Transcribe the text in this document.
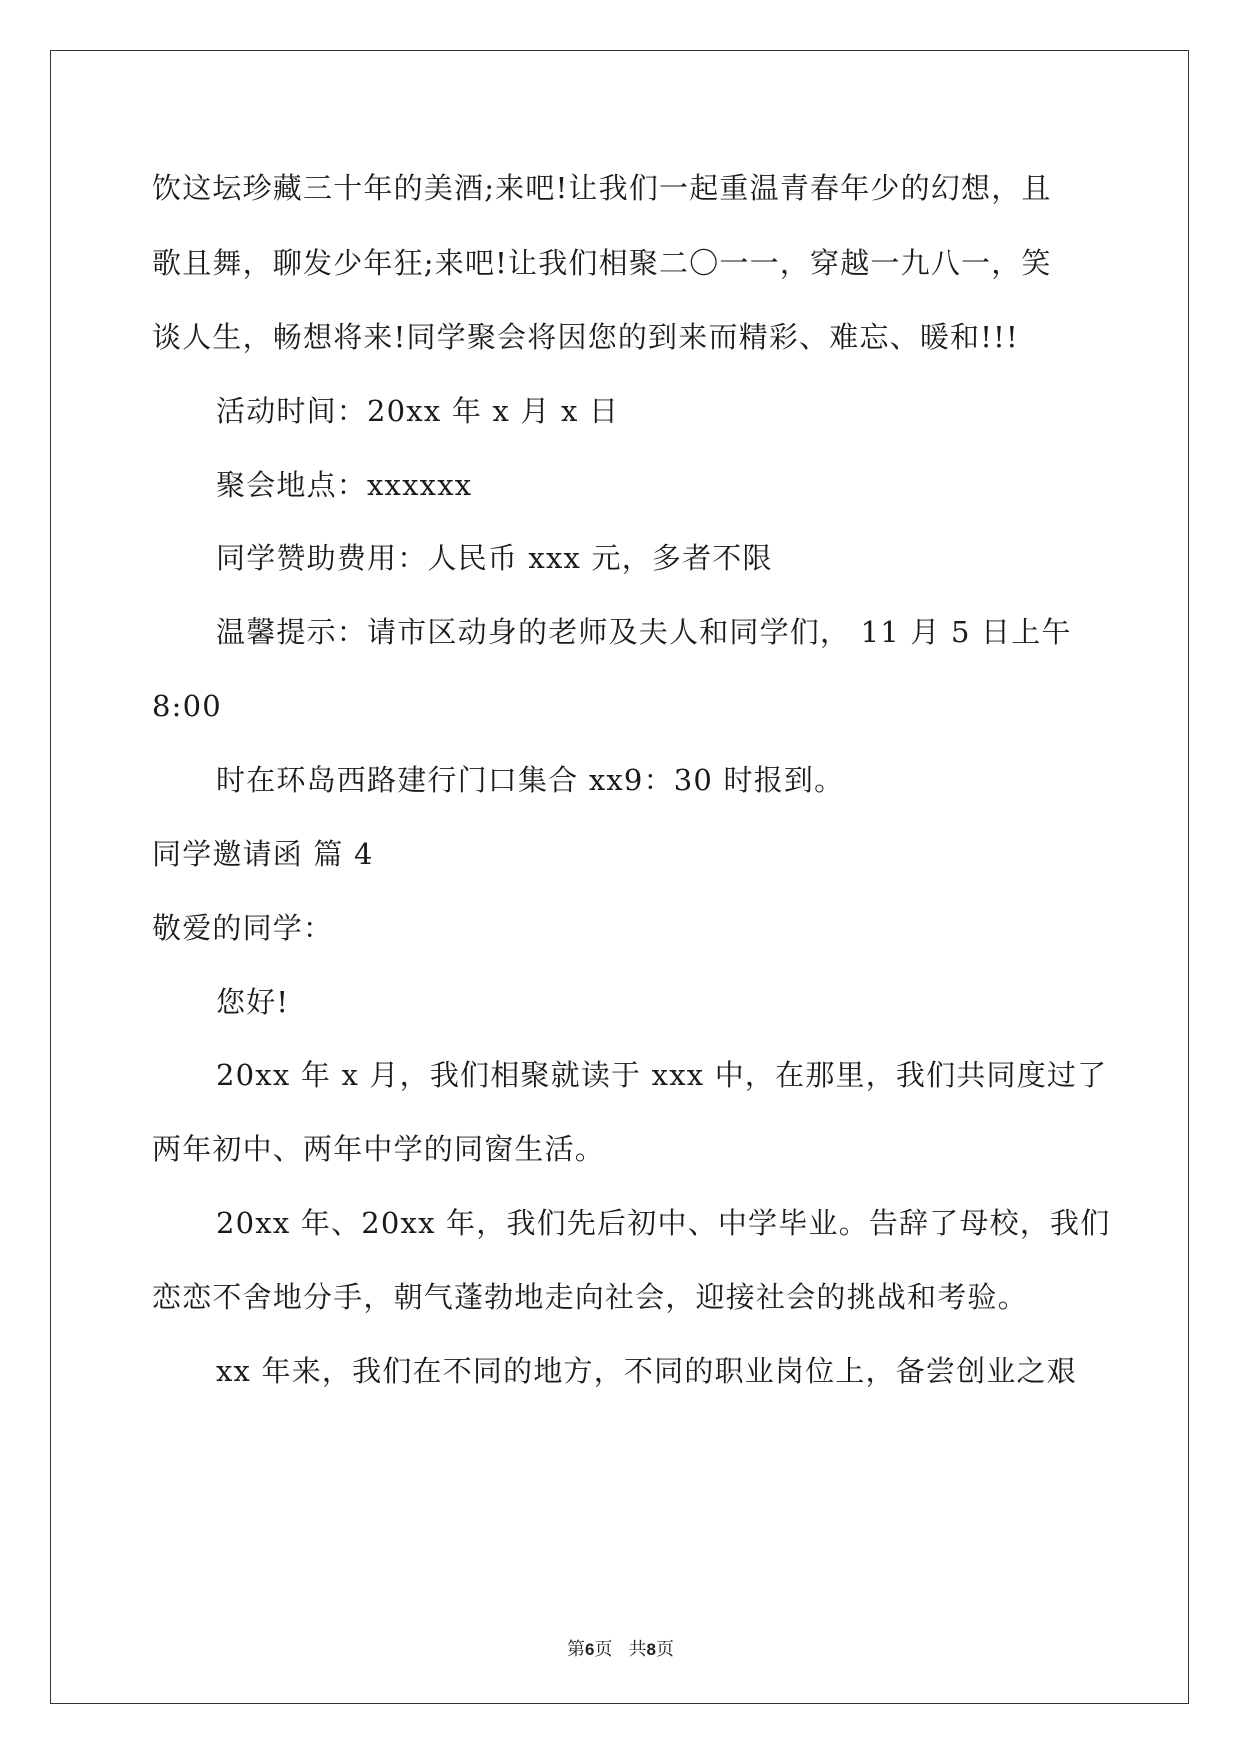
饮这坛珍藏三十年的美酒;来吧!让我们一起重温青春年少的幻想，且
歌且舞，聊发少年狂;来吧!让我们相聚二〇一一，穿越一九八一，笑
谈人生，畅想将来!同学聚会将因您的到来而精彩、难忘、暖和!!!
活动时间：20xx 年 x 月 x 日
聚会地点：xxxxxx
同学赞助费用：人民币 xxx 元，多者不限
温馨提示：请市区动身的老师及夫人和同学们， 11 月 5 日上午
8:00
时在环岛西路建行门口集合 xx9：30 时报到。
同学邀请函 篇 4
敬爱的同学：
您好!
20xx 年 x 月，我们相聚就读于 xxx 中，在那里，我们共同度过了
两年初中、两年中学的同窗生活。
20xx 年、20xx 年，我们先后初中、中学毕业。告辞了母校，我们
恋恋不舍地分手，朝气蓬勃地走向社会，迎接社会的挑战和考验。
xx 年来，我们在不同的地方，不同的职业岗位上，备尝创业之艰
第6页 共8页
